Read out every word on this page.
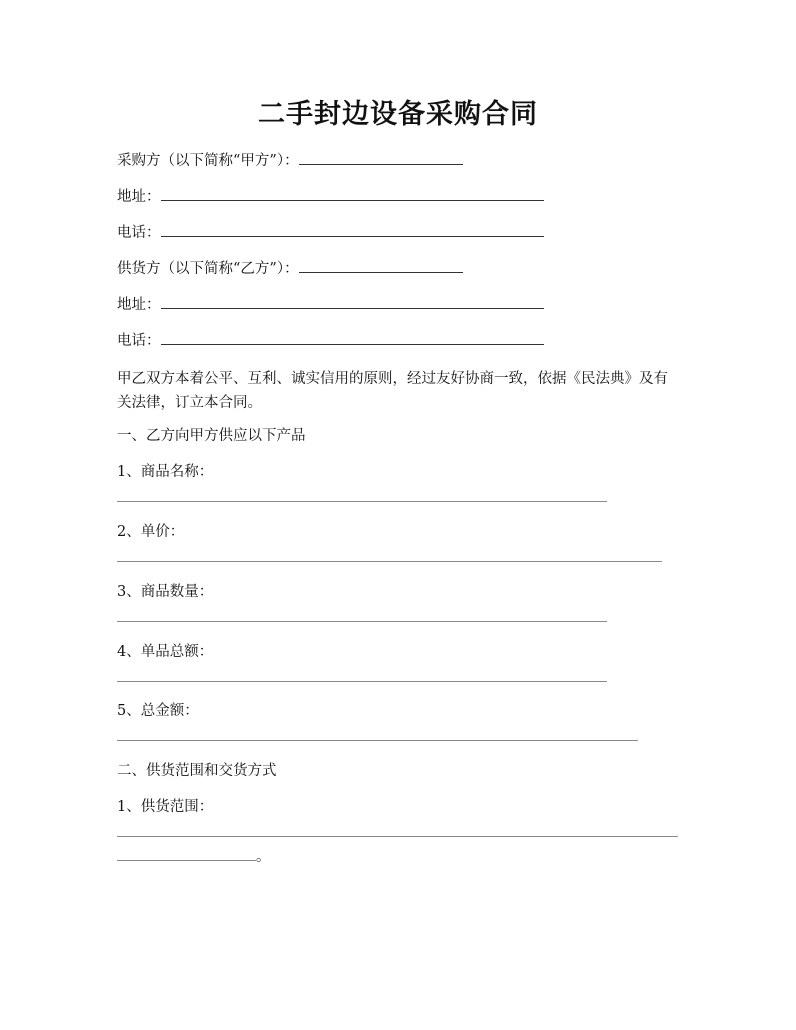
二手封边设备采购合同
采购方（以下简称“甲方”）：
地址：
电话：
供货方（以下简称“乙方”）：
地址：
电话：
甲乙双方本着公平、互利、诚实信用的原则，经过友好协商一致，依据《民法典》及有关法律，订立本合同。
一、乙方向甲方供应以下产品
1、商品名称：
2、单价：
3、商品数量：
4、单品总额：
5、总金额：
二、供货范围和交货方式
1、供货范围：
。
